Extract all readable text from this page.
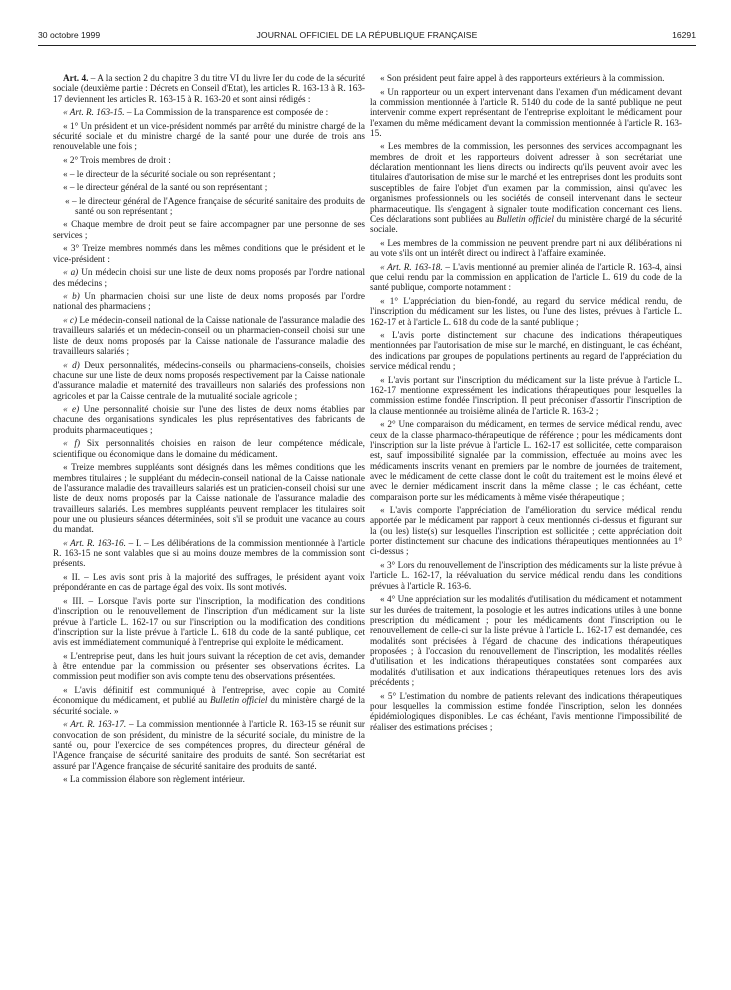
30 octobre 1999	JOURNAL OFFICIEL DE LA RÉPUBLIQUE FRANÇAISE	16291

Art. 4. – A la section 2 du chapitre 3 du titre VI du livre Ier du code de la sécurité sociale (deuxième partie : Décrets en Conseil d'Etat), les articles R. 163-13 à R. 163-17 deviennent les articles R. 163-15 à R. 163-20 et sont ainsi rédigés :

« Art. R. 163-15. – La Commission de la transparence est composée de :

« 1° Un président et un vice-président nommés par arrêté du ministre chargé de la sécurité sociale et du ministre chargé de la santé pour une durée de trois ans renouvelable une fois ;

« 2° Trois membres de droit :

« – le directeur de la sécurité sociale ou son représentant ;

« – le directeur général de la santé ou son représentant ;

« – le directeur général de l'Agence française de sécurité sanitaire des produits de santé ou son représentant ;

« Chaque membre de droit peut se faire accompagner par une personne de ses services ;

« 3° Treize membres nommés dans les mêmes conditions que le président et le vice-président :

« a) Un médecin choisi sur une liste de deux noms proposés par l'ordre national des médecins ;

« b) Un pharmacien choisi sur une liste de deux noms proposés par l'ordre national des pharmaciens ;

« c) Le médecin-conseil national de la Caisse nationale de l'assurance maladie des travailleurs salariés et un médecin-conseil ou un pharmacien-conseil choisi sur une liste de deux noms proposés par la Caisse nationale de l'assurance maladie des travailleurs salariés ;

« d) Deux personnalités, médecins-conseils ou pharmaciens-conseils, choisies chacune sur une liste de deux noms proposés respectivement par la Caisse nationale d'assurance maladie et maternité des travailleurs non salariés des professions non agricoles et par la Caisse centrale de la mutualité sociale agricole ;

« e) Une personnalité choisie sur l'une des listes de deux noms établies par chacune des organisations syndicales les plus représentatives des fabricants de produits pharmaceutiques ;

« f) Six personnalités choisies en raison de leur compétence médicale, scientifique ou économique dans le domaine du médicament.

« Treize membres suppléants sont désignés dans les mêmes conditions que les membres titulaires ; le suppléant du médecin-conseil national de la Caisse nationale de l'assurance maladie des travailleurs salariés est un praticien-conseil choisi sur une liste de deux noms proposés par la Caisse nationale de l'assurance maladie des travailleurs salariés. Les membres suppléants peuvent remplacer les titulaires soit pour une ou plusieurs séances déterminées, soit s'il se produit une vacance au cours du mandat.

« Art. R. 163-16. – I. – Les délibérations de la commission mentionnée à l'article R. 163-15 ne sont valables que si au moins douze membres de la commission sont présents.

« II. – Les avis sont pris à la majorité des suffrages, le président ayant voix prépondérante en cas de partage égal des voix. Ils sont motivés.

« III. – Lorsque l'avis porte sur l'inscription, la modification des conditions d'inscription ou le renouvellement de l'inscription d'un médicament sur la liste prévue à l'article L. 162-17 ou sur l'inscription ou la modification des conditions d'inscription sur la liste prévue à l'article L. 618 du code de la santé publique, cet avis est immédiatement communiqué à l'entreprise qui exploite le médicament.

« L'entreprise peut, dans les huit jours suivant la réception de cet avis, demander à être entendue par la commission ou présenter ses observations écrites. La commission peut modifier son avis compte tenu des observations présentées.

« L'avis définitif est communiqué à l'entreprise, avec copie au Comité économique du médicament, et publié au Bulletin officiel du ministère chargé de la sécurité sociale. »

« Art. R. 163-17. – La commission mentionnée à l'article R. 163-15 se réunit sur convocation de son président, du ministre de la sécurité sociale, du ministre de la santé ou, pour l'exercice de ses compétences propres, du directeur général de l'Agence française de sécurité sanitaire des produits de santé. Son secrétariat est assuré par l'Agence française de sécurité sanitaire des produits de santé.

« La commission élabore son règlement intérieur.

« Son président peut faire appel à des rapporteurs extérieurs à la commission.

« Un rapporteur ou un expert intervenant dans l'examen d'un médicament devant la commission mentionnée à l'article R. 5140 du code de la santé publique ne peut intervenir comme expert représentant de l'entreprise exploitant le médicament pour l'examen du même médicament devant la commission mentionnée à l'article R. 163-15.

« Les membres de la commission, les personnes des services accompagnant les membres de droit et les rapporteurs doivent adresser à son secrétariat une déclaration mentionnant les liens directs ou indirects qu'ils peuvent avoir avec les titulaires d'autorisation de mise sur le marché et les entreprises dont les produits sont susceptibles de faire l'objet d'un examen par la commission, ainsi qu'avec les organismes professionnels ou les sociétés de conseil intervenant dans le secteur pharmaceutique. Ils s'engagent à signaler toute modification concernant ces liens. Ces déclarations sont publiées au Bulletin officiel du ministère chargé de la sécurité sociale.

« Les membres de la commission ne peuvent prendre part ni aux délibérations ni au vote s'ils ont un intérêt direct ou indirect à l'affaire examinée.

« Art. R. 163-18. – L'avis mentionné au premier alinéa de l'article R. 163-4, ainsi que celui rendu par la commission en application de l'article L. 619 du code de la santé publique, comporte notamment :

« 1° L'appréciation du bien-fondé, au regard du service médical rendu, de l'inscription du médicament sur les listes, ou l'une des listes, prévues à l'article L. 162-17 et à l'article L. 618 du code de la santé publique ;

« L'avis porte distinctement sur chacune des indications thérapeutiques mentionnées par l'autorisation de mise sur le marché, en distinguant, le cas échéant, des indications par groupes de populations pertinents au regard de l'appréciation du service médical rendu ;

« L'avis portant sur l'inscription du médicament sur la liste prévue à l'article L. 162-17 mentionne expressément les indications thérapeutiques pour lesquelles la commission estime fondée l'inscription. Il peut préconiser d'assortir l'inscription de la clause mentionnée au troisième alinéa de l'article R. 163-2 ;

« 2° Une comparaison du médicament, en termes de service médical rendu, avec ceux de la classe pharmaco-thérapeutique de référence ; pour les médicaments dont l'inscription sur la liste prévue à l'article L. 162-17 est sollicitée, cette comparaison est, sauf impossibilité signalée par la commission, effectuée au moins avec les médicaments inscrits venant en premiers par le nombre de journées de traitement, avec le médicament de cette classe dont le coût du traitement est le moins élevé et avec le dernier médicament inscrit dans la même classe ; le cas échéant, cette comparaison porte sur les médicaments à même visée thérapeutique ;

« L'avis comporte l'appréciation de l'amélioration du service médical rendu apportée par le médicament par rapport à ceux mentionnés ci-dessus et figurant sur la (ou les) liste(s) sur lesquelles l'inscription est sollicitée ; cette appréciation doit porter distinctement sur chacune des indications thérapeutiques mentionnées au 1° ci-dessus ;

« 3° Lors du renouvellement de l'inscription des médicaments sur la liste prévue à l'article L. 162-17, la réévaluation du service médical rendu dans les conditions prévues à l'article R. 163-6.

« 4° Une appréciation sur les modalités d'utilisation du médicament et notamment sur les durées de traitement, la posologie et les autres indications utiles à une bonne prescription du médicament ; pour les médicaments dont l'inscription ou le renouvellement de celle-ci sur la liste prévue à l'article L. 162-17 est demandée, ces modalités sont précisées à l'égard de chacune des indications thérapeutiques proposées ; à l'occasion du renouvellement de l'inscription, les modalités réelles d'utilisation et les indications thérapeutiques constatées sont comparées aux modalités d'utilisation et aux indications thérapeutiques retenues lors des avis précédents ;

« 5° L'estimation du nombre de patients relevant des indications thérapeutiques pour lesquelles la commission estime fondée l'inscription, selon les données épidémiologiques disponibles. Le cas échéant, l'avis mentionne l'impossibilité de réaliser des estimations précises ;
